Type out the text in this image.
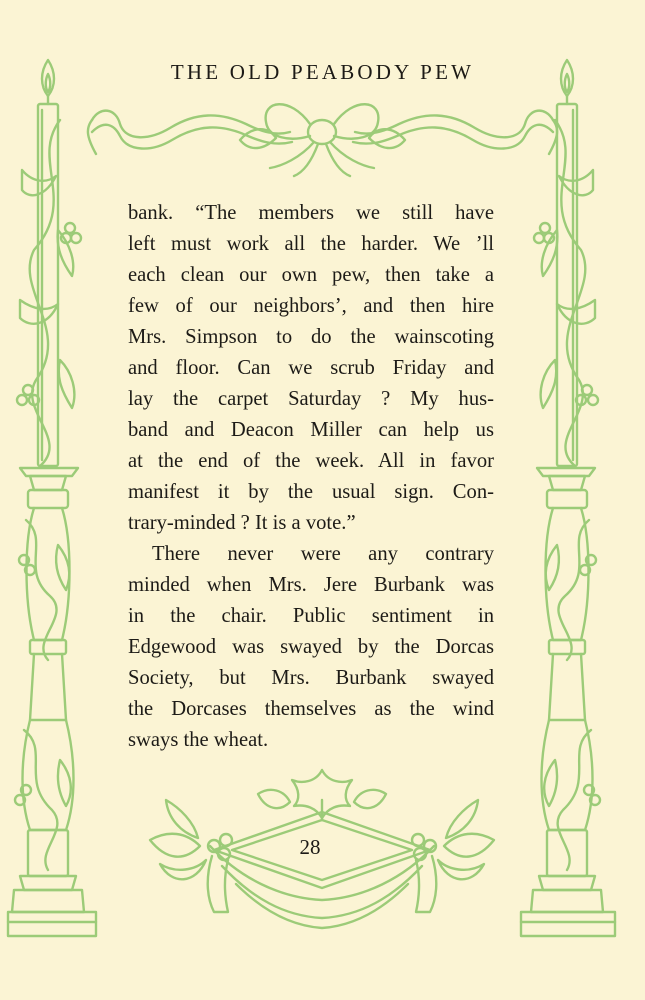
THE OLD PEABODY PEW
bank. “The members we still have
left must work all the harder. We ’ll
each clean our own pew, then take a
few of our neighbors’, and then hire
Mrs. Simpson to do the wainscoting
and floor. Can we scrub Friday and
lay the carpet Saturday ? My hus-
band and Deacon Miller can help us
at the end of the week. All in favor
manifest it by the usual sign. Con-
trary-minded ? It is a vote.”
There never were any contrary
minded when Mrs. Jere Burbank was
in the chair. Public sentiment in
Edgewood was swayed by the Dorcas
Society, but Mrs. Burbank swayed
the Dorcases themselves as the wind
sways the wheat.
28
